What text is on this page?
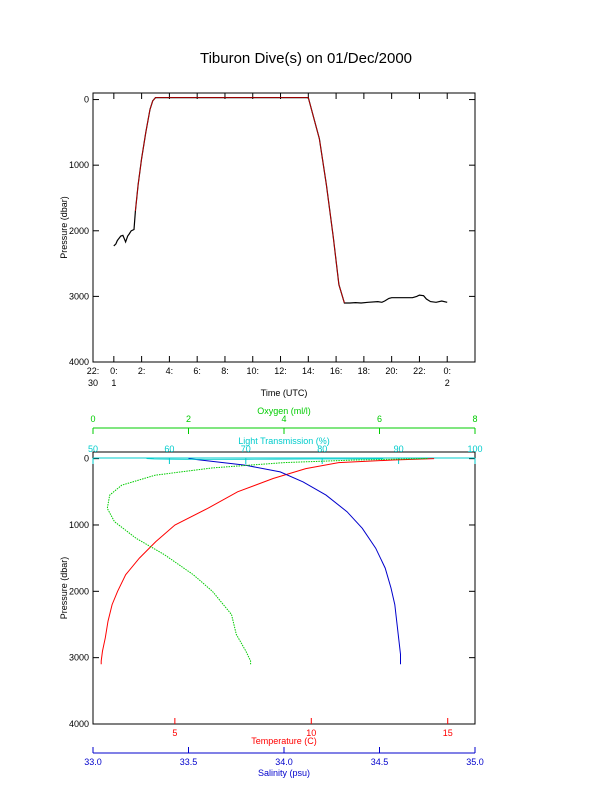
Tiburon Dive(s) on 01/Dec/2000
0
1000
2000
3000
4000
22:
30
0:
1
2: 4: 6: 8: 10: 12: 14: 16: 18: 20: 22: 0:
2
Time (UTC)
Pressure (dbar)
0
1000
2000
3000
4000
Pressure (dbar)
0	2	4	6	8
Oxygen (ml/l)
50	60	70	80	90	100
Light Transmission (%)
5	10	15
Temperature (C)
33.0	33.5	34.0	34.5	35.0
Salinity (psu)
